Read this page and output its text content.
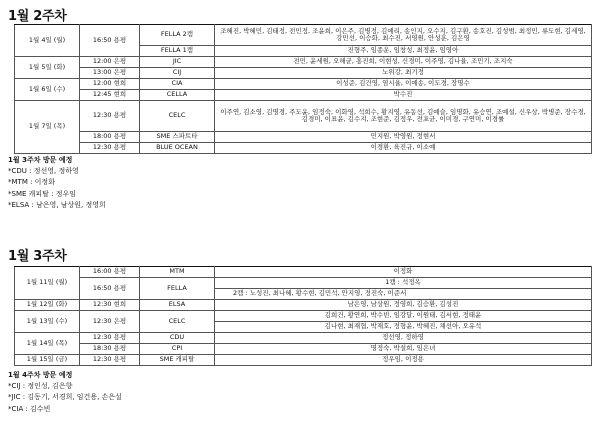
1월 2주차
1월 4일 (월)	16:50 용평	FELLA 2캠	조혜진, 박혜민, 김태정, 전민정, 조윤희, 이은주, 김병정, 김예리, 송인지, 오수지, 김구환, 송호진, 김성범, 최정민, 류도현, 김세영, 강민선, 이승화, 최수진, 서영원, 안성훈, 김은영
		FELLA 1캠	진형주, 임종운, 임창성, 최정윤, 임영아
1월 5일 (화)	12:00 은평	JIC	전민, 윤세원, 오해균, 홍진희, 이현성, 신경미, 이주영, 김나율, 조민기, 조지숙
	13:00 은평	CIJ	노위강, 최기정
1월 6일 (수)	12:00 현희	CIA	이성준, 김건영, 염시율, 이예송, 이도경, 장명수
	12:45 현희	CELLA	박수진
1월 7일 (목)	12:30 용평	CELC	이주연, 김소영, 김명경, 주도윤, 임정숙, 이화영, 석희수, 황지영, 유동선, 김예슬, 임명화, 유승연, 조예설, 신우상, 박병준, 장수경, 김경미, 이표윤, 김수지, 조현준, 김정우, 전포균, 이미경, 구연미, 이경률
	18:00 용평	SME 스파트타	민지원, 박영원, 정현서
	12:30 용평	BLUE OCEAN	이경환, 육진규, 이소예
1월 3주차 방문 예정
*CDU : 정선영, 정하영
*MTM : 이정화
*SME 캐피탈 : 정우임
*ELSA : 남은영, 남상원, 정영희
1월 3주차
1월 11일 (월)	16:00 용평	MTM	이정화
	16:50 용평	FELLA	1캠 : 석정옥
			2캠 : 노성진, 최나혜, 황수현, 김민석, 안지영, 정진숙, 이준서
1월 12일 (화)	12:30 현희	ELSA	남은영, 남상원, 정영희, 김승환, 김성진
1월 13일 (수)	12:30 은평	CELC	김희건, 황연희, 박수빈, 임강달, 이원태, 김서현, 정태윤
			김나현, 최재협, 박재호, 정형윤, 박혜진, 채선아, 오유석
1월 14일 (목)	12:30 용평	CDU	정선영, 정하영
	18:30 용평	CPI	명정숙, 박설희, 임은녀
1월 15일 (금)	12:30 용평	SME 캐피탈	정우임, 이정용
1월 4주차 방문 예정
*CIJ : 정인성, 김은향
*JIC : 김동기, 서경희, 임건용, 손은설
*CIA : 김수빈
